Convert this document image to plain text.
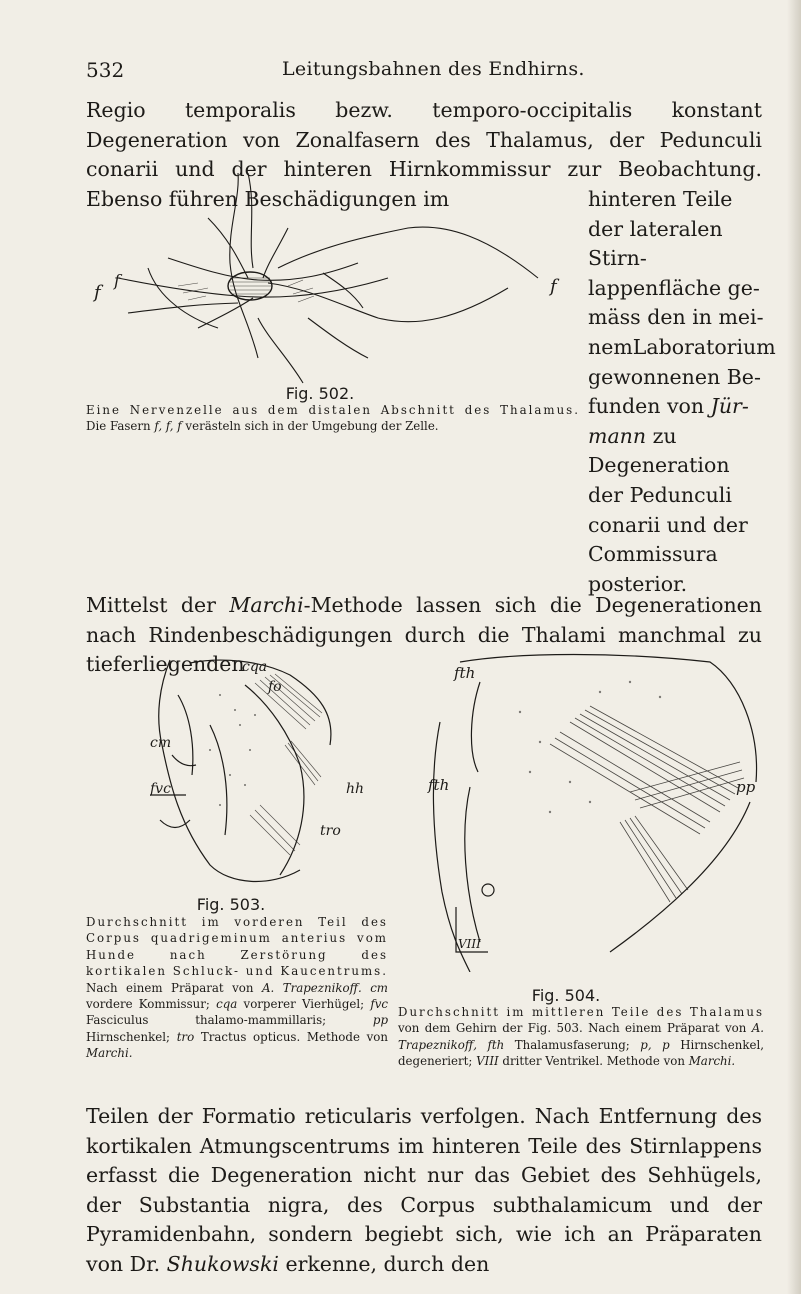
532	Leitungsbahnen des Endhirns.

Regio temporalis bezw. temporo-occipitalis konstant Degeneration von Zonalfasern des Thalamus, der Pedunculi conarii und der hinteren Hirnkommissur zur Beobachtung. Ebenso führen Beschädigungen im

f
f	f
Fig. 502.

hinteren Teile der lateralen Stirnlappenfläche gemäss den in meinemLaboratorium gewonnenen Befunden von Jürmann zu Degeneration der Pedunculi conarii und der Commissura posterior.

Eine Nervenzelle aus dem distalen Abschnitt des Thalamus. Die Fasern f, f, f verästeln sich in der Umgebung der Zelle.

Mittelst der Marchi-Methode lassen sich die Degenerationen nach Rindenbeschädigungen durch die Thalami manchmal zu tieferliegenden

cqa
fo
cm
fvc	hh
tro
Fig. 503.

Durchschnitt im vorderen Teil des Corpus quadrigeminum anterius vom Hunde nach Zerstörung des kortikalen Schluck- und Kaucentrums. Nach einem Präparat von A. Trapeznikoff. cm vordere Kommissur; cqa vorperer Vierhügel; fvc Fasciculus thalamo-mammillaris; pp Hirnschenkel; tro Tractus opticus. Methode von Marchi.

fth
fth	pp
VIII
Fig. 504.

Durchschnitt im mittleren Teile des Thalamus von dem Gehirn der Fig. 503. Nach einem Präparat von A. Trapeznikoff, fth Thalamusfaserung; p, p Hirnschenkel, degeneriert; VIII dritter Ventrikel. Methode von Marchi.

Teilen der Formatio reticularis verfolgen. Nach Entfernung des kortikalen Atmungscentrums im hinteren Teile des Stirnlappens erfasst die Degeneration nicht nur das Gebiet des Sehhügels, der Substantia nigra, des Corpus subthalamicum und der Pyramidenbahn, sondern begiebt sich, wie ich an Präparaten von Dr. Shukowski erkenne, durch den
